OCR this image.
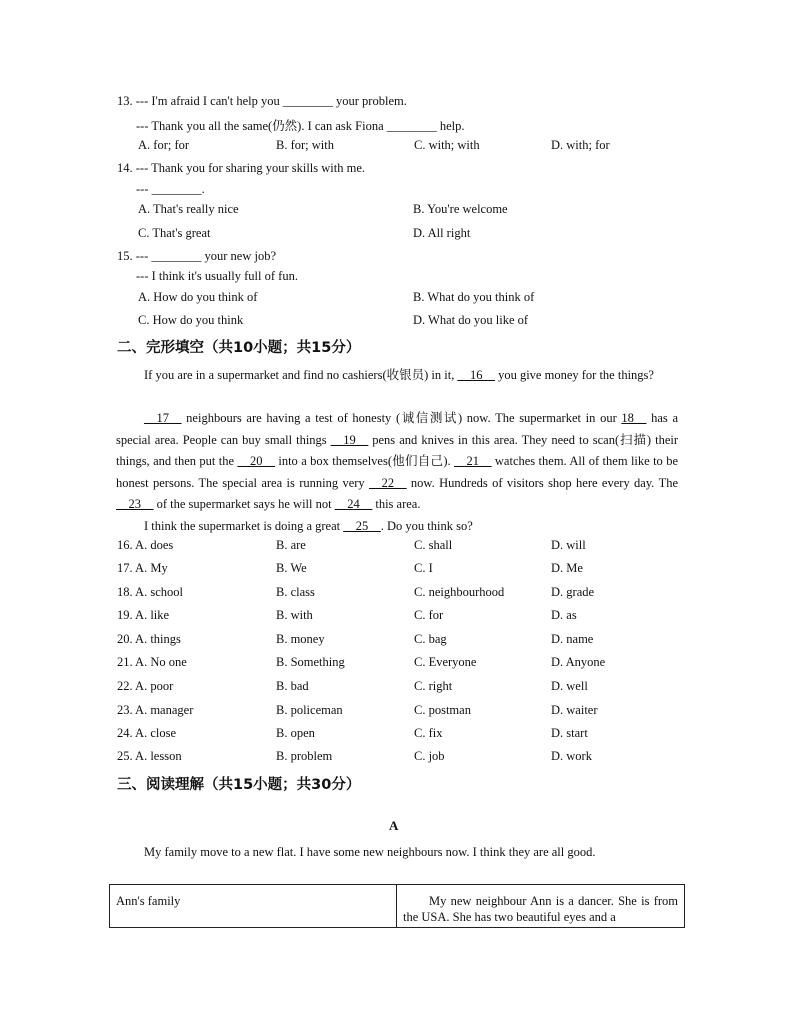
13. --- I'm afraid I can't help you ________ your problem.
--- Thank you all the same(仍然). I can ask Fiona ________ help.
A. for; for	B. for; with	C. with; with	D. with; for
14. --- Thank you for sharing your skills with me.
--- ________.
A. That's really nice	B. You're welcome
C. That's great	D. All right
15. --- ________ your new job?
--- I think it's usually full of fun.
A. How do you think of	B. What do you think of
C. How do you think	D. What do you like of
二、完形填空（共10小题；共15分）
If you are in a supermarket and find no cashiers(收银员) in it, __16__ you give money for the things?
__17__ neighbours are having a test of honesty (诚信测试) now. The supermarket in our 18__ has a special area. People can buy small things __19__ pens and knives in this area. They need to scan(扫描) their things, and then put the __20__ into a box themselves(他们自己). __21__ watches them. All of them like to be honest persons. The special area is running very __22__ now. Hundreds of visitors shop here every day. The __23__ of the supermarket says he will not __24__ this area.
I think the supermarket is doing a great __25__. Do you think so?
16. A. does	B. are	C. shall	D. will
17. A. My	B. We	C. I	D. Me
18. A. school	B. class	C. neighbourhood	D. grade
19. A. like	B. with	C. for	D. as
20. A. things	B. money	C. bag	D. name
21. A. No one	B. Something	C. Everyone	D. Anyone
22. A. poor	B. bad	C. right	D. well
23. A. manager	B. policeman	C. postman	D. waiter
24. A. close	B. open	C. fix	D. start
25. A. lesson	B. problem	C. job	D. work
三、阅读理解（共15小题；共30分）
A
My family move to a new flat. I have some new neighbours now. I think they are all good.
Ann's family	My new neighbour Ann is a dancer. She is from the USA. She has two beautiful eyes and a
